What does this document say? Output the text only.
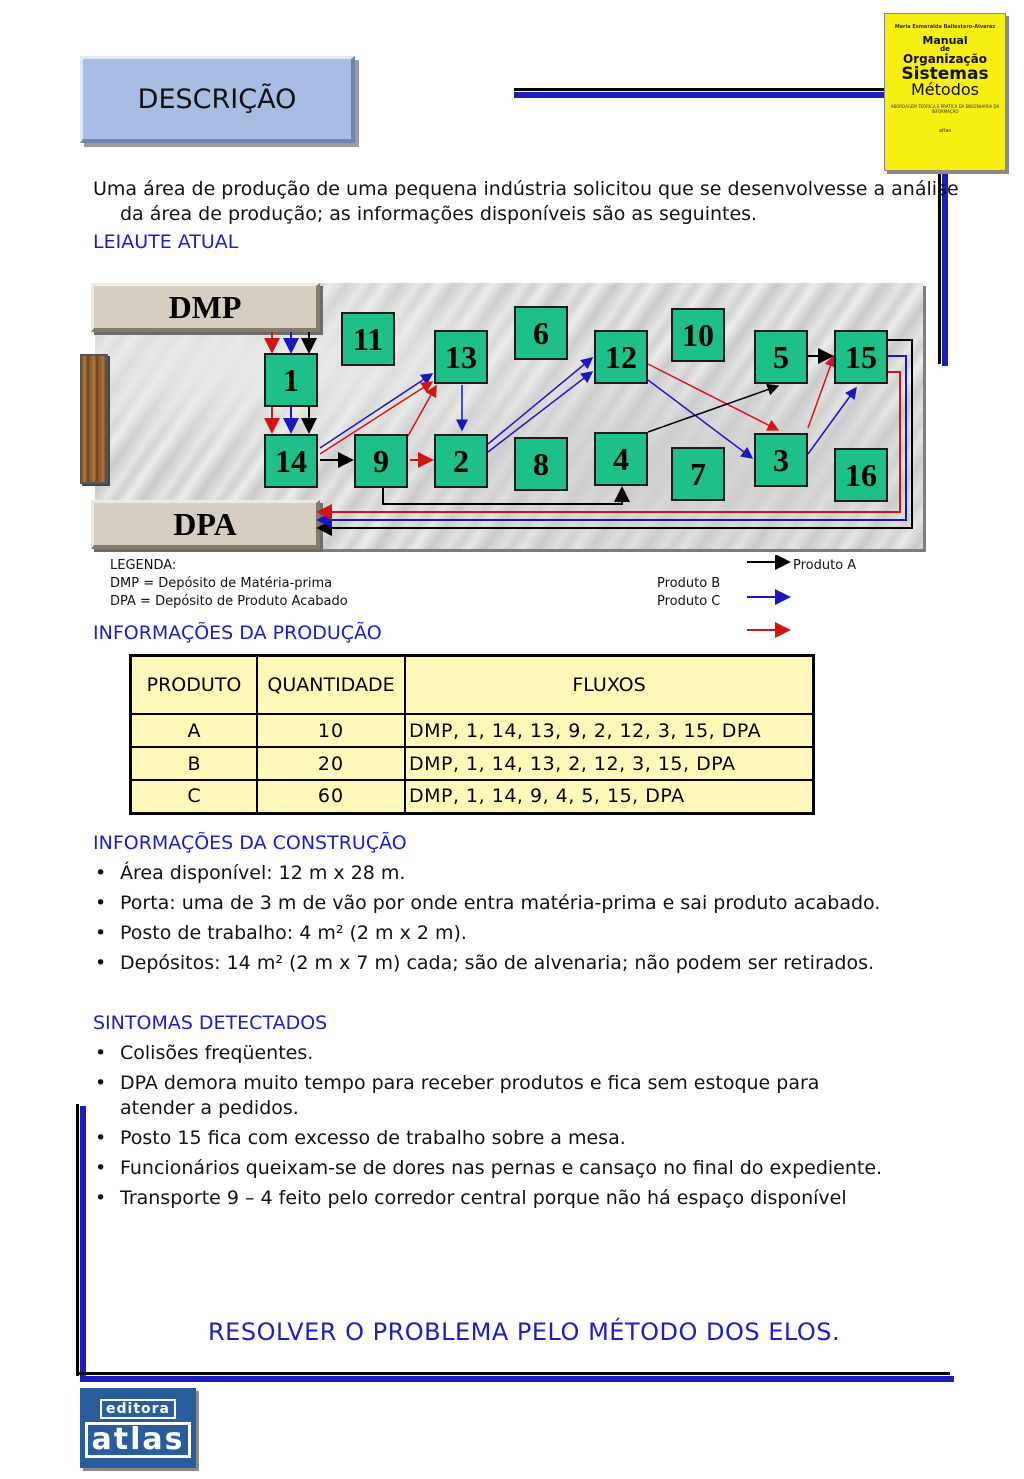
DESCRIÇÃO
Maria Esmeralda Ballestero-Alvarez
Manual
de
Organização
Sistemas
Métodos
ABORDAGEM TEÓRICA E PRÁTICA DA ENGENHARIA DA INFORMAÇÃO
atlas
Uma área de produção de uma pequena indústria solicitou que se desenvolvesse a análise da área de produção; as informações disponíveis são as seguintes.
LEIAUTE ATUAL
DMP
DPA
1
14
11 13
9 2
6
8
12
4
10
7
5
3
15
16
LEGENDA:
DMP = Depósito de Matéria-prima
DPA = Depósito de Produto Acabado
Produto A
Produto B
Produto C
INFORMAÇÕES DA PRODUÇÃO
PRODUTO	QUANTIDADE	FLUXOS
A	10	DMP, 1, 14, 13, 9, 2, 12, 3, 15, DPA
B	20	DMP, 1, 14, 13, 2, 12, 3, 15, DPA
C	60	DMP, 1, 14, 9, 4, 5, 15, DPA
INFORMAÇÕES DA CONSTRUÇÃO
• Área disponível: 12 m x 28 m.
• Porta: uma de 3 m de vão por onde entra matéria-prima e sai produto acabado.
• Posto de trabalho: 4 m² (2 m x 2 m).
• Depósitos: 14 m² (2 m x 7 m) cada; são de alvenaria; não podem ser retirados.
SINTOMAS DETECTADOS
• Colisões freqüentes.
• DPA demora muito tempo para receber produtos e fica sem estoque para atender a pedidos.
• Posto 15 fica com excesso de trabalho sobre a mesa.
• Funcionários queixam-se de dores nas pernas e cansaço no final do expediente.
• Transporte 9 – 4 feito pelo corredor central porque não há espaço disponível
RESOLVER O PROBLEMA PELO MÉTODO DOS ELOS.
editora
atlas
